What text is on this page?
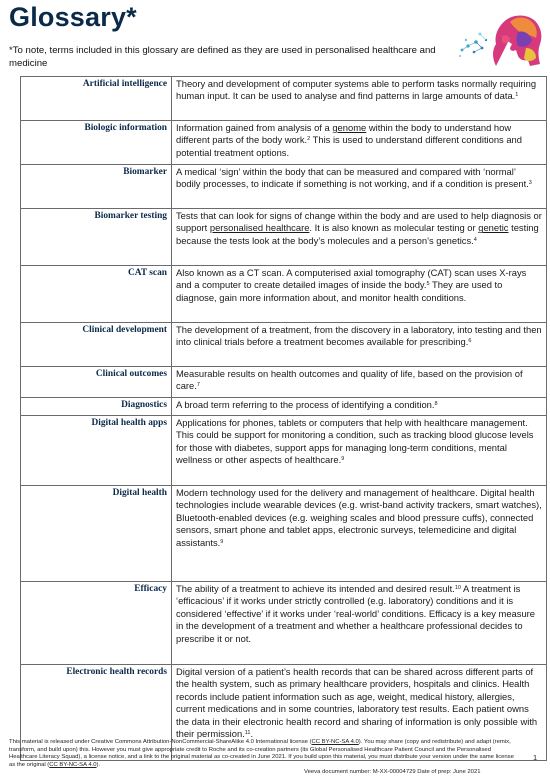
Glossary*
*To note, terms included in this glossary are defined as they are used in personalised healthcare and medicine
Artificial intelligence	Theory and development of computer systems able to perform tasks normally requiring human input. It can be used to analyse and find patterns in large amounts of data.$^1$
Biologic information	Information gained from analysis of a genome within the body to understand how different parts of the body work.$^2$ This is used to understand different conditions and potential treatment options.
Biomarker	A medical ‘sign’ within the body that can be measured and compared with ‘normal’ bodily processes, to indicate if something is not working, and if a condition is present.$^3$
Biomarker testing	Tests that can look for signs of change within the body and are used to help diagnosis or support personalised healthcare. It is also known as molecular testing or genetic testing because the tests look at the body’s molecules and a person’s genetics.$^4$
CAT scan	Also known as a CT scan. A computerised axial tomography (CAT) scan uses X-rays and a computer to create detailed images of inside the body.$^5$ They are used to diagnose, gain more information about, and monitor health conditions.
Clinical development	The development of a treatment, from the discovery in a laboratory, into testing and then into clinical trials before a treatment becomes available for prescribing.$^6$
Clinical outcomes	Measurable results on health outcomes and quality of life, based on the provision of care.$^7$
Diagnostics	A broad term referring to the process of identifying a condition.$^8$
Digital health apps	Applications for phones, tablets or computers that help with healthcare management. This could be support for monitoring a condition, such as tracking blood glucose levels for those with diabetes, support apps for managing long-term conditions, mental wellness or other aspects of healthcare.$^9$
Digital health	Modern technology used for the delivery and management of healthcare. Digital health technologies include wearable devices (e.g. wrist-band activity trackers, smart watches), Bluetooth-enabled devices (e.g. weighing scales and blood pressure cuffs), connected sensors, smart phone and tablet apps, electronic surveys, telemedicine and digital assistants.$^9$
Efficacy	The ability of a treatment to achieve its intended and desired result.$^{10}$ A treatment is ‘efficacious’ if it works under strictly controlled (e.g. laboratory) conditions and it is considered ‘effective’ if it works under ‘real-world’ conditions. Efficacy is a key measure in the development of a treatment and whether a healthcare professional decides to prescribe it or not.
Electronic health records	Digital version of a patient’s health records that can be shared across different parts of the health system, such as primary healthcare providers, hospitals and clinics. Health records include patient information such as age, weight, medical history, allergies, current medications and in some countries, laboratory test results. Each patient owns the data in their electronic health record and sharing of information is only possible with their permission.$^{11}$.
This material is released under Creative Commons Attribution-NonCommercial-ShareAlike 4.0 International license (CC BY-NC-SA 4.0). You may share (copy and redistribute) and adapt (remix, transform, and build upon) this. However you must give appropriate credit to Roche and its co-creation partners (its Global Personalised Healthcare Patient Council and the Personalised Healthcare Literacy Squad), a license notice, and a link to the original material as co-created in June 2021. If you build upon this material, you must distribute your version under the same license as the original (CC BY-NC-SA 4.0).
Veeva document number: M-XX-00004729 Date of prep: June 2021
1
